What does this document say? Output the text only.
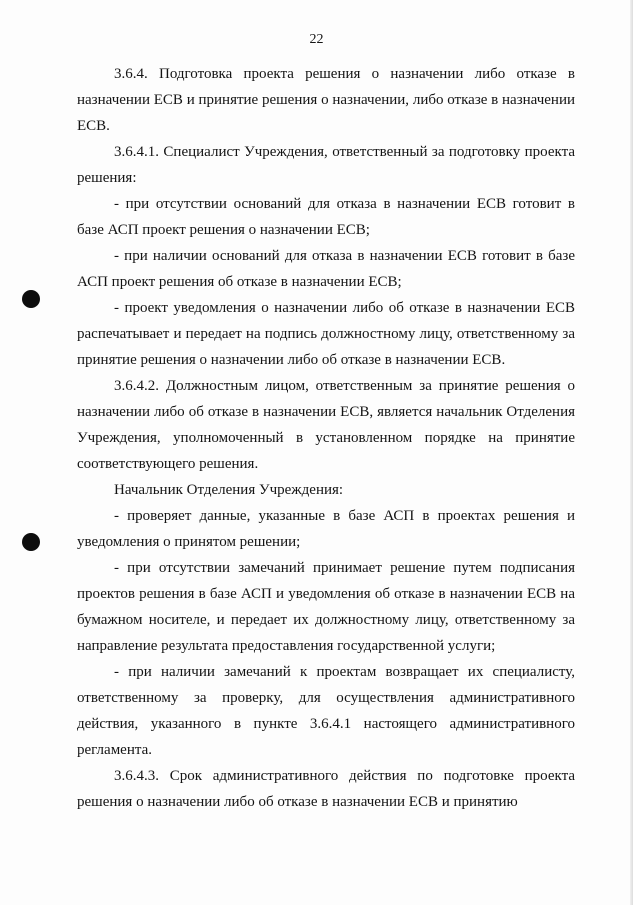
22

3.6.4. Подготовка проекта решения о назначении либо отказе в назначении ЕСВ и принятие решения о назначении, либо отказе в назначении ЕСВ.

3.6.4.1. Специалист Учреждения, ответственный за подготовку проекта решения:

- при отсутствии оснований для отказа в назначении ЕСВ готовит в базе АСП проект решения о назначении ЕСВ;

- при наличии оснований для отказа в назначении ЕСВ готовит в базе АСП проект решения об отказе в назначении ЕСВ;

- проект уведомления о назначении либо об отказе в назначении ЕСВ распечатывает и передает на подпись должностному лицу, ответственному за принятие решения о назначении либо об отказе в назначении ЕСВ.

3.6.4.2. Должностным лицом, ответственным за принятие решения о назначении либо об отказе в назначении ЕСВ, является начальник Отделения Учреждения, уполномоченный в установленном порядке на принятие соответствующего решения.

Начальник Отделения Учреждения:

- проверяет данные, указанные в базе АСП в проектах решения и уведомления о принятом решении;

- при отсутствии замечаний принимает решение путем подписания проектов решения в базе АСП и уведомления об отказе в назначении ЕСВ на бумажном носителе, и передает их должностному лицу, ответственному за направление результата предоставления государственной услуги;

- при наличии замечаний к проектам возвращает их специалисту, ответственному за проверку, для осуществления административного действия, указанного в пункте 3.6.4.1 настоящего административного регламента.

3.6.4.3. Срок административного действия по подготовке проекта решения о назначении либо об отказе в назначении ЕСВ и принятию
